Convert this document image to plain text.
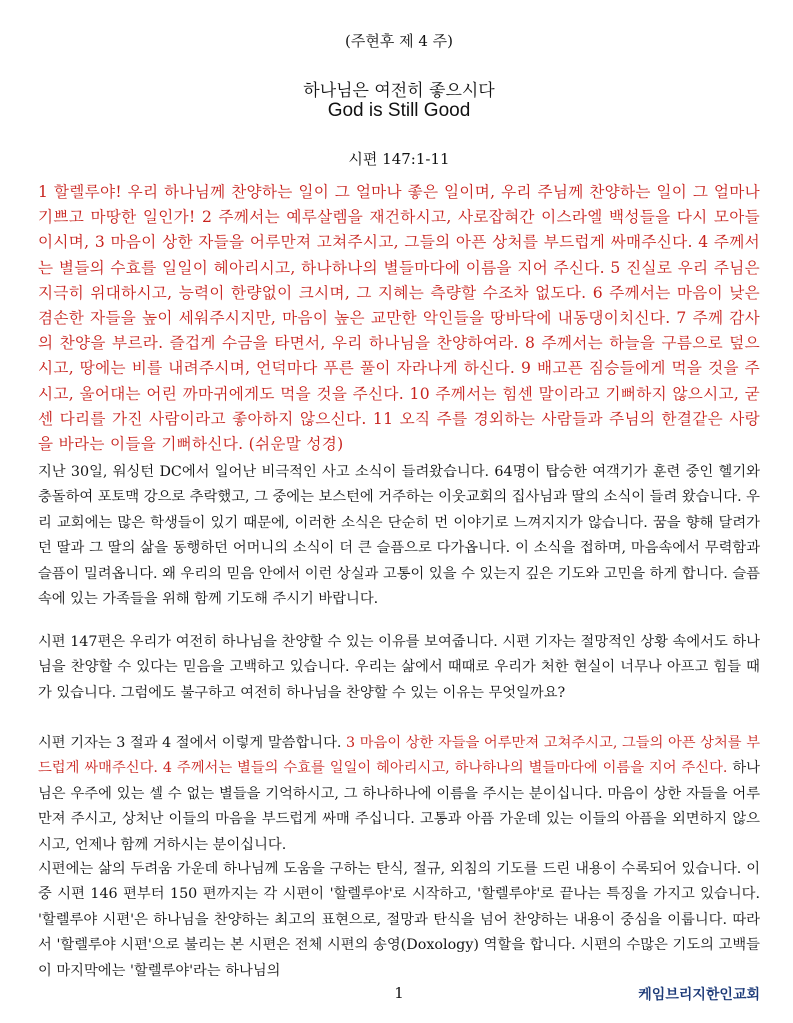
(주현후 제 4 주)
하나님은 여전히 좋으시다
God is Still Good
시편 147:1-11
1 할렐루야! 우리 하나님께 찬양하는 일이 그 얼마나 좋은 일이며, 우리 주님께 찬양하는 일이 그 얼마나 기쁘고 마땅한 일인가! 2 주께서는 예루살렘을 재건하시고, 사로잡혀간 이스라엘 백성들을 다시 모아들이시며, 3 마음이 상한 자들을 어루만져 고쳐주시고, 그들의 아픈 상처를 부드럽게 싸매주신다. 4 주께서는 별들의 수효를 일일이 헤아리시고, 하나하나의 별들마다에 이름을 지어 주신다. 5 진실로 우리 주님은 지극히 위대하시고, 능력이 한량없이 크시며, 그 지혜는 측량할 수조차 없도다. 6 주께서는 마음이 낮은 겸손한 자들을 높이 세워주시지만, 마음이 높은 교만한 악인들을 땅바닥에 내동댕이치신다. 7 주께 감사의 찬양을 부르라. 즐겁게 수금을 타면서, 우리 하나님을 찬양하여라. 8 주께서는 하늘을 구름으로 덮으시고, 땅에는 비를 내려주시며, 언덕마다 푸른 풀이 자라나게 하신다. 9 배고픈 짐승들에게 먹을 것을 주시고, 울어대는 어린 까마귀에게도 먹을 것을 주신다. 10 주께서는 힘센 말이라고 기뻐하지 않으시고, 굳센 다리를 가진 사람이라고 좋아하지 않으신다. 11 오직 주를 경외하는 사람들과 주님의 한결같은 사랑을 바라는 이들을 기뻐하신다. (쉬운말 성경)
지난 30일, 워싱턴 DC에서 일어난 비극적인 사고 소식이 들려왔습니다. 64명이 탑승한 여객기가 훈련 중인 헬기와 충돌하여 포토맥 강으로 추락했고, 그 중에는 보스턴에 거주하는 이웃교회의 집사님과 딸의 소식이 들려 왔습니다. 우리 교회에는 많은 학생들이 있기 때문에, 이러한 소식은 단순히 먼 이야기로 느껴지지가 않습니다. 꿈을 향해 달려가던 딸과 그 딸의 삶을 동행하던 어머니의 소식이 더 큰 슬픔으로 다가옵니다. 이 소식을 접하며, 마음속에서 무력함과 슬픔이 밀려옵니다. 왜 우리의 믿음 안에서 이런 상실과 고통이 있을 수 있는지 깊은 기도와 고민을 하게 합니다. 슬픔속에 있는 가족들을 위해 함께 기도해 주시기 바랍니다.
시편 147편은 우리가 여전히 하나님을 찬양할 수 있는 이유를 보여줍니다. 시편 기자는 절망적인 상황 속에서도 하나님을 찬양할 수 있다는 믿음을 고백하고 있습니다. 우리는 삶에서 때때로 우리가 처한 현실이 너무나 아프고 힘들 때가 있습니다. 그럼에도 불구하고 여전히 하나님을 찬양할 수 있는 이유는 무엇일까요?
시편 기자는 3 절과 4 절에서 이렇게 말씀합니다. 3 마음이 상한 자들을 어루만져 고쳐주시고, 그들의 아픈 상처를 부드럽게 싸매주신다. 4 주께서는 별들의 수효를 일일이 헤아리시고, 하나하나의 별들마다에 이름을 지어 주신다. 하나님은 우주에 있는 셀 수 없는 별들을 기억하시고, 그 하나하나에 이름을 주시는 분이십니다. 마음이 상한 자들을 어루만져 주시고, 상처난 이들의 마음을 부드럽게 싸매 주십니다. 고통과 아픔 가운데 있는 이들의 아픔을 외면하지 않으시고, 언제나 함께 거하시는 분이십니다.
시편에는 삶의 두려움 가운데 하나님께 도움을 구하는 탄식, 절규, 외침의 기도를 드린 내용이 수록되어 있습니다. 이 중 시편 146 편부터 150 편까지는 각 시편이 '할렐루야'로 시작하고, '할렐루야'로 끝나는 특징을 가지고 있습니다. '할렐루야 시편'은 하나님을 찬양하는 최고의 표현으로, 절망과 탄식을 넘어 찬양하는 내용이 중심을 이룹니다. 따라서 '할렐루야 시편'으로 불리는 본 시편은 전체 시편의 송영(Doxology) 역할을 합니다. 시편의 수많은 기도의 고백들이 마지막에는 '할렐루야'라는 하나님의
1	케임브리지한인교회
